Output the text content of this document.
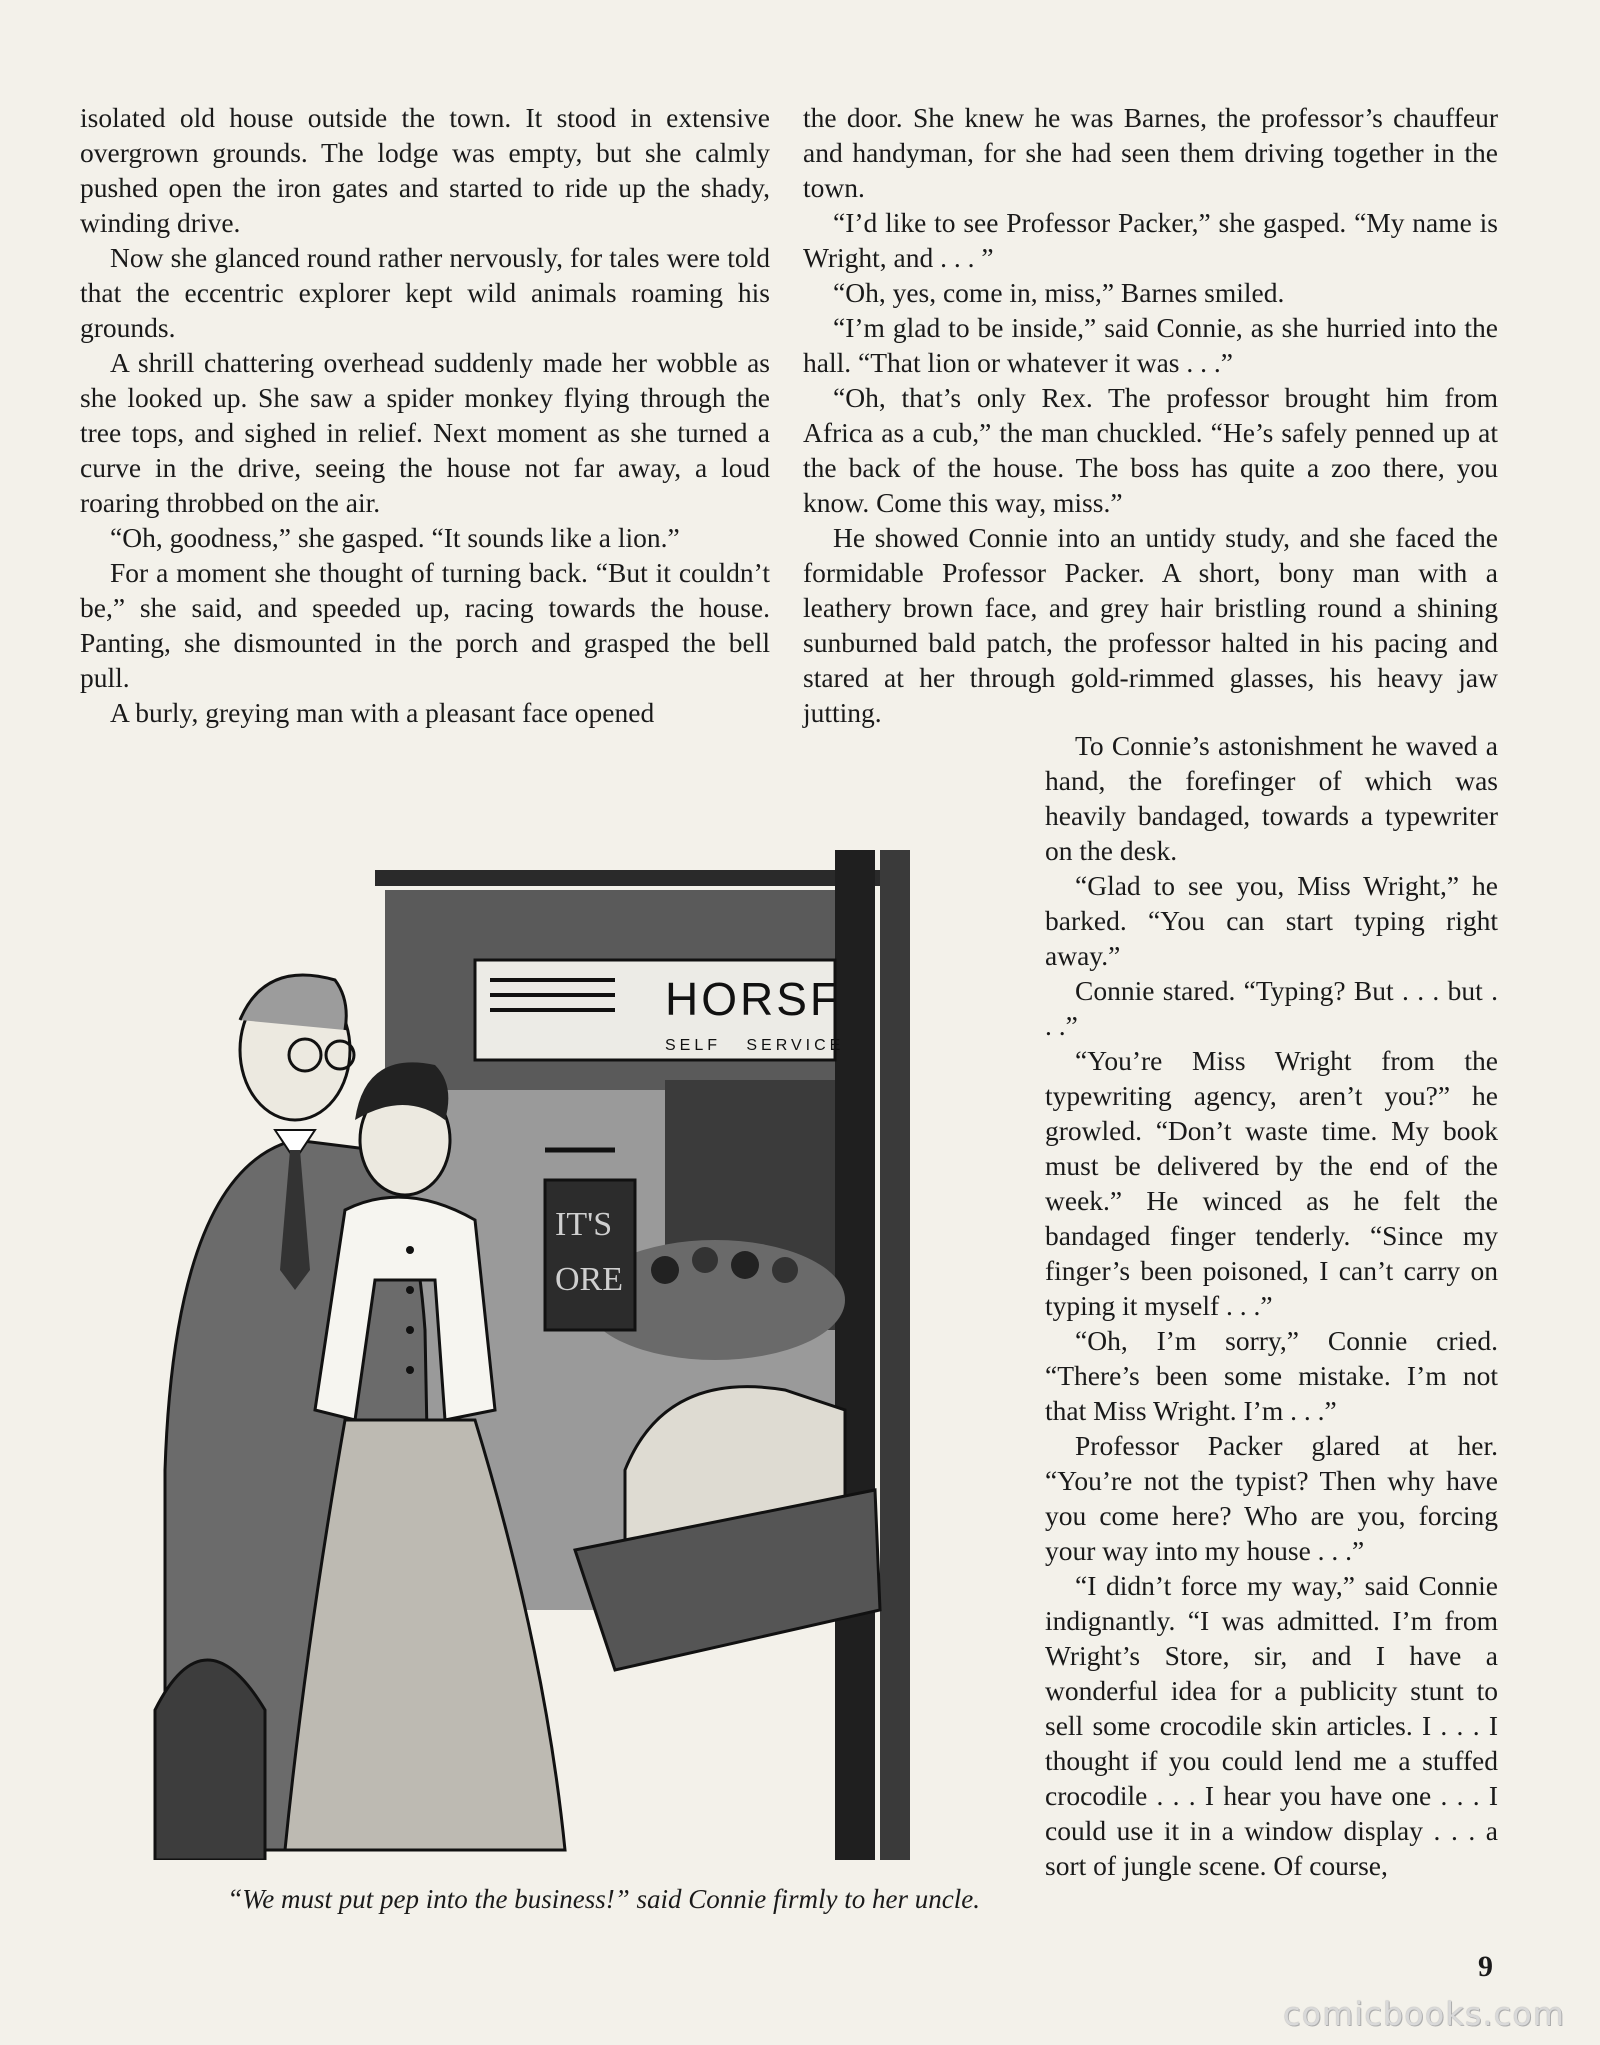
isolated old house outside the town. It stood in extensive overgrown grounds. The lodge was empty, but she calmly pushed open the iron gates and started to ride up the shady, winding drive.

Now she glanced round rather nervously, for tales were told that the eccentric explorer kept wild animals roaming his grounds.

A shrill chattering overhead suddenly made her wobble as she looked up. She saw a spider monkey flying through the tree tops, and sighed in relief. Next moment as she turned a curve in the drive, seeing the house not far away, a loud roaring throbbed on the air.

“Oh, goodness,” she gasped. “It sounds like a lion.”

For a moment she thought of turning back. “But it couldn’t be,” she said, and speeded up, racing towards the house. Panting, she dismounted in the porch and grasped the bell pull.

A burly, greying man with a pleasant face opened

the door. She knew he was Barnes, the professor’s chauffeur and handyman, for she had seen them driving together in the town.

“I’d like to see Professor Packer,” she gasped. “My name is Wright, and . . . ”

“Oh, yes, come in, miss,” Barnes smiled.

“I’m glad to be inside,” said Connie, as she hurried into the hall. “That lion or whatever it was . . .”

“Oh, that’s only Rex. The professor brought him from Africa as a cub,” the man chuckled. “He’s safely penned up at the back of the house. The boss has quite a zoo there, you know. Come this way, miss.”

He showed Connie into an untidy study, and she faced the formidable Professor Packer. A short, bony man with a leathery brown face, and grey hair bristling round a shining sunburned bald patch, the professor halted in his pacing and stared at her through gold-rimmed glasses, his heavy jaw jutting.

To Connie’s astonishment he waved a hand, the forefinger of which was heavily bandaged, towards a typewriter on the desk.

“Glad to see you, Miss Wright,” he barked. “You can start typing right away.”

Connie stared. “Typing? But . . . but . . .”

“You’re Miss Wright from the typewriting agency, aren’t you?” he growled. “Don’t waste time. My book must be delivered by the end of the week.” He winced as he felt the bandaged finger tenderly. “Since my finger’s been poisoned, I can’t carry on typing it myself . . .”

“Oh, I’m sorry,” Connie cried. “There’s been some mistake. I’m not that Miss Wright. I’m . . .”

Professor Packer glared at her. “You’re not the typist? Then why have you come here? Who are you, forcing your way into my house . . .”

“I didn’t force my way,” said Connie indignantly. “I was admitted. I’m from Wright’s Store, sir, and I have a wonderful idea for a publicity stunt to sell some crocodile skin articles. I . . . I thought if you could lend me a stuffed crocodile . . . I hear you have one . . . I could use it in a window display . . . a sort of jungle scene. Of course,

HORSF
SELF   SERVICE
IT'S
ORE
“We must put pep into the business!” said Connie firmly to her uncle.
9
comicbooks.com
